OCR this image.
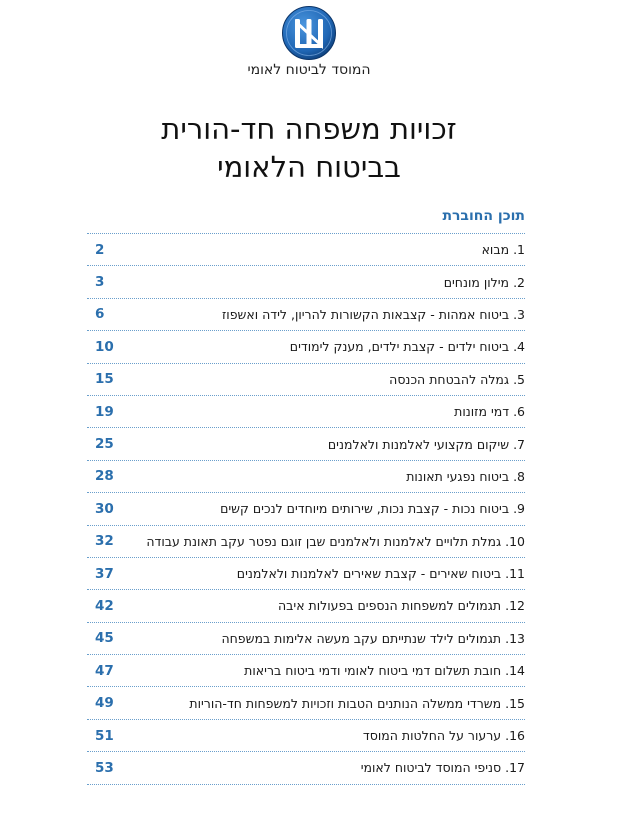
המוסד לביטוח לאומי
זכויות משפחה חד-הורית
בביטוח הלאומי
תוכן החוברת
1.
מבוא
2
2.
מילון מונחים
3
3.
ביטוח אמהות - קצבאות הקשורות להריון, לידה ואשפוז
6
4.
ביטוח ילדים - קצבת ילדים, מענק לימודים
10
5.
גמלה להבטחת הכנסה
15
6.
דמי מזונות
19
7.
שיקום מקצועי לאלמנות ולאלמנים
25
8.
ביטוח נפגעי תאונות
28
9.
ביטוח נכות - קצבת נכות, שירותים מיוחדים לנכים קשים
30
10.
גמלת תלויים לאלמנות ולאלמנים שבן זוגם נפטר עקב תאונת עבודה
32
11.
ביטוח שאירים - קצבת שאירים לאלמנות ולאלמנים
37
12.
תגמולים למשפחות הנספים בפעולות איבה
42
13.
תגמולים לילד שנתייתם עקב מעשה אלימות במשפחה
45
14.
חובת תשלום דמי ביטוח לאומי ודמי ביטוח בריאות
47
15.
משרדי ממשלה הנותנים הטבות וזכויות למשפחות חד-הוריות
49
16.
ערעור על החלטות המוסד
51
17.
סניפי המוסד לביטוח לאומי
53
